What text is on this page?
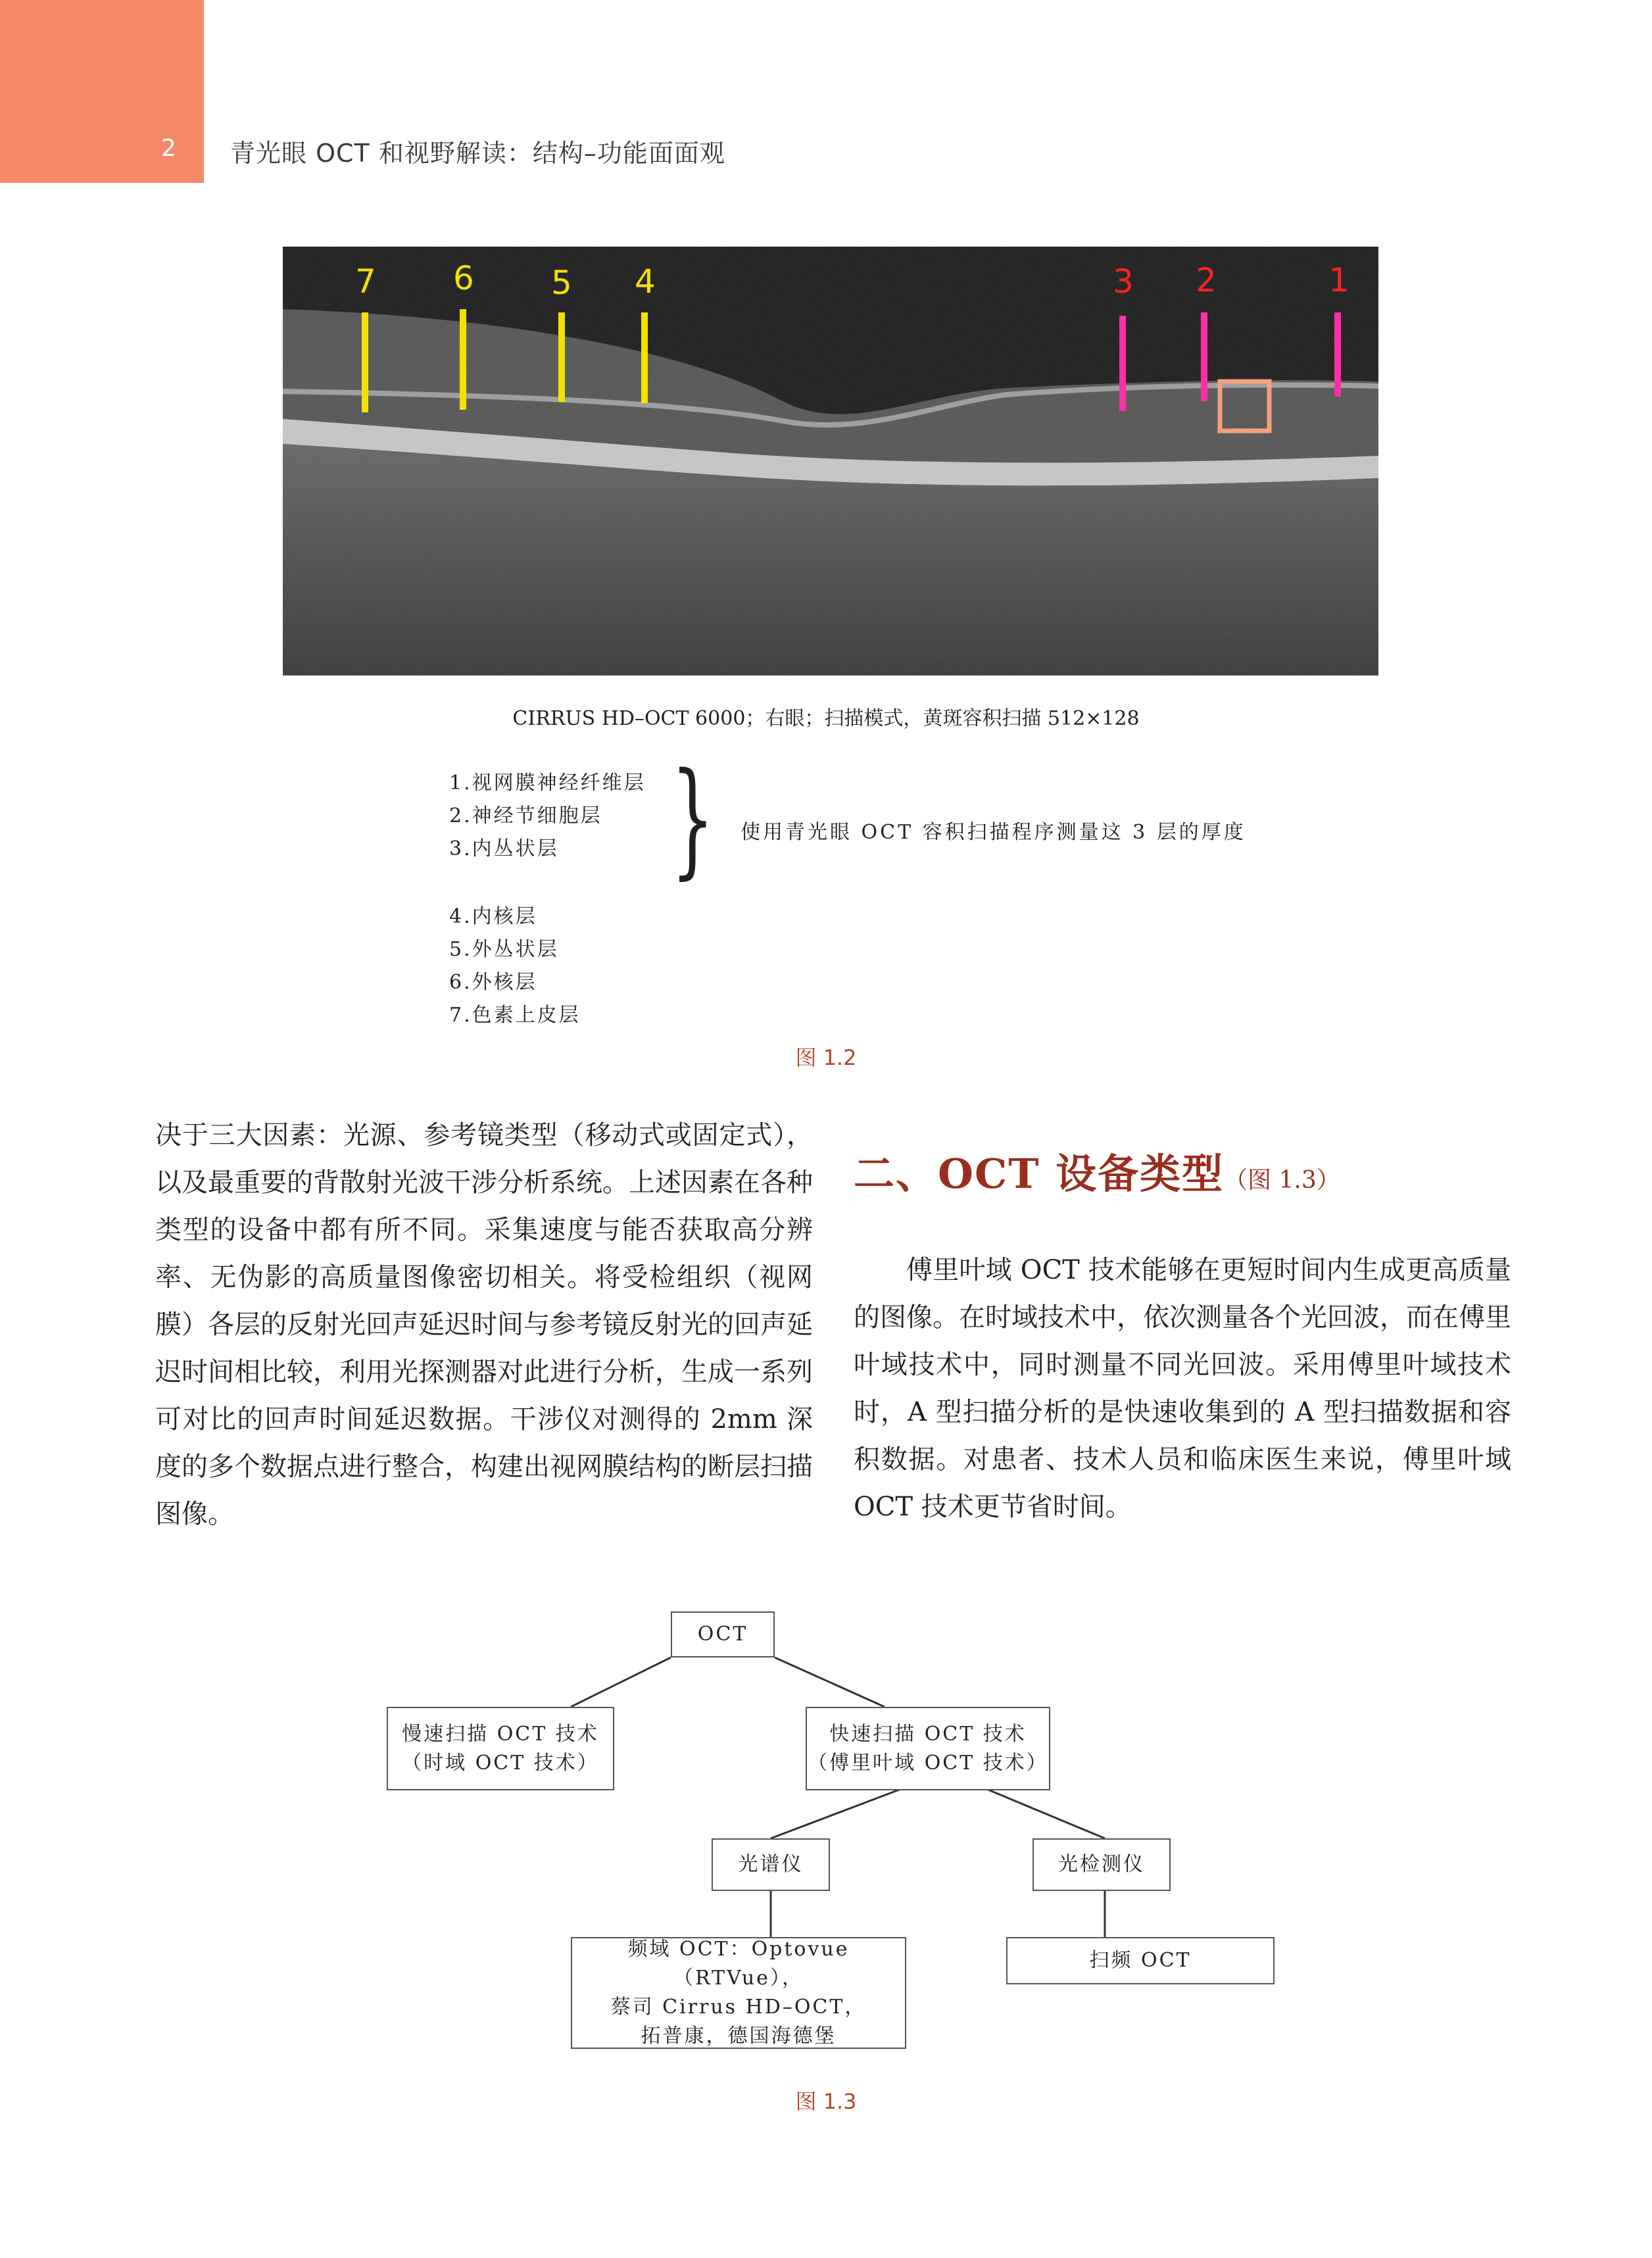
2 青光眼 OCT 和视野解读：结构–功能面面观
7 6 5 4	3 2	1
CIRRUS HD–OCT 6000；右眼；扫描模式，黄斑容积扫描 512×128
1.视网膜神经纤维层
2.神经节细胞层
3.内丛状层 } 使用青光眼 OCT 容积扫描程序测量这 3 层的厚度
4.内核层
5.外丛状层
6.外核层
7.色素上皮层
图 1.2

决于三大因素：光源、参考镜类型（移动式或固定式），以及最重要的背散射光波干涉分析系统。上述因素在各种类型的设备中都有所不同。采集速度与能否获取高分辨率、无伪影的高质量图像密切相关。将受检组织（视网膜）各层的反射光回声延迟时间与参考镜反射光的回声延迟时间相比较，利用光探测器对此进行分析，生成一系列可对比的回声时间延迟数据。干涉仪对测得的 2mm 深度的多个数据点进行整合，构建出视网膜结构的断层扫描图像。

二、OCT 设备类型（图 1.3）

傅里叶域 OCT 技术能够在更短时间内生成更高质量的图像。在时域技术中，依次测量各个光回波，而在傅里叶域技术中，同时测量不同光回波。采用傅里叶域技术时，A 型扫描分析的是快速收集到的 A 型扫描数据和容积数据。对患者、技术人员和临床医生来说，傅里叶域 OCT 技术更节省时间。

OCT
慢速扫描 OCT 技术
（时域 OCT 技术）
快速扫描 OCT 技术
（傅里叶域 OCT 技术）
光谱仪	光检测仪
频域 OCT：Optovue（RTVue），
蔡司 Cirrus HD–OCT，
拓普康，德国海德堡
扫频 OCT
图 1.3
